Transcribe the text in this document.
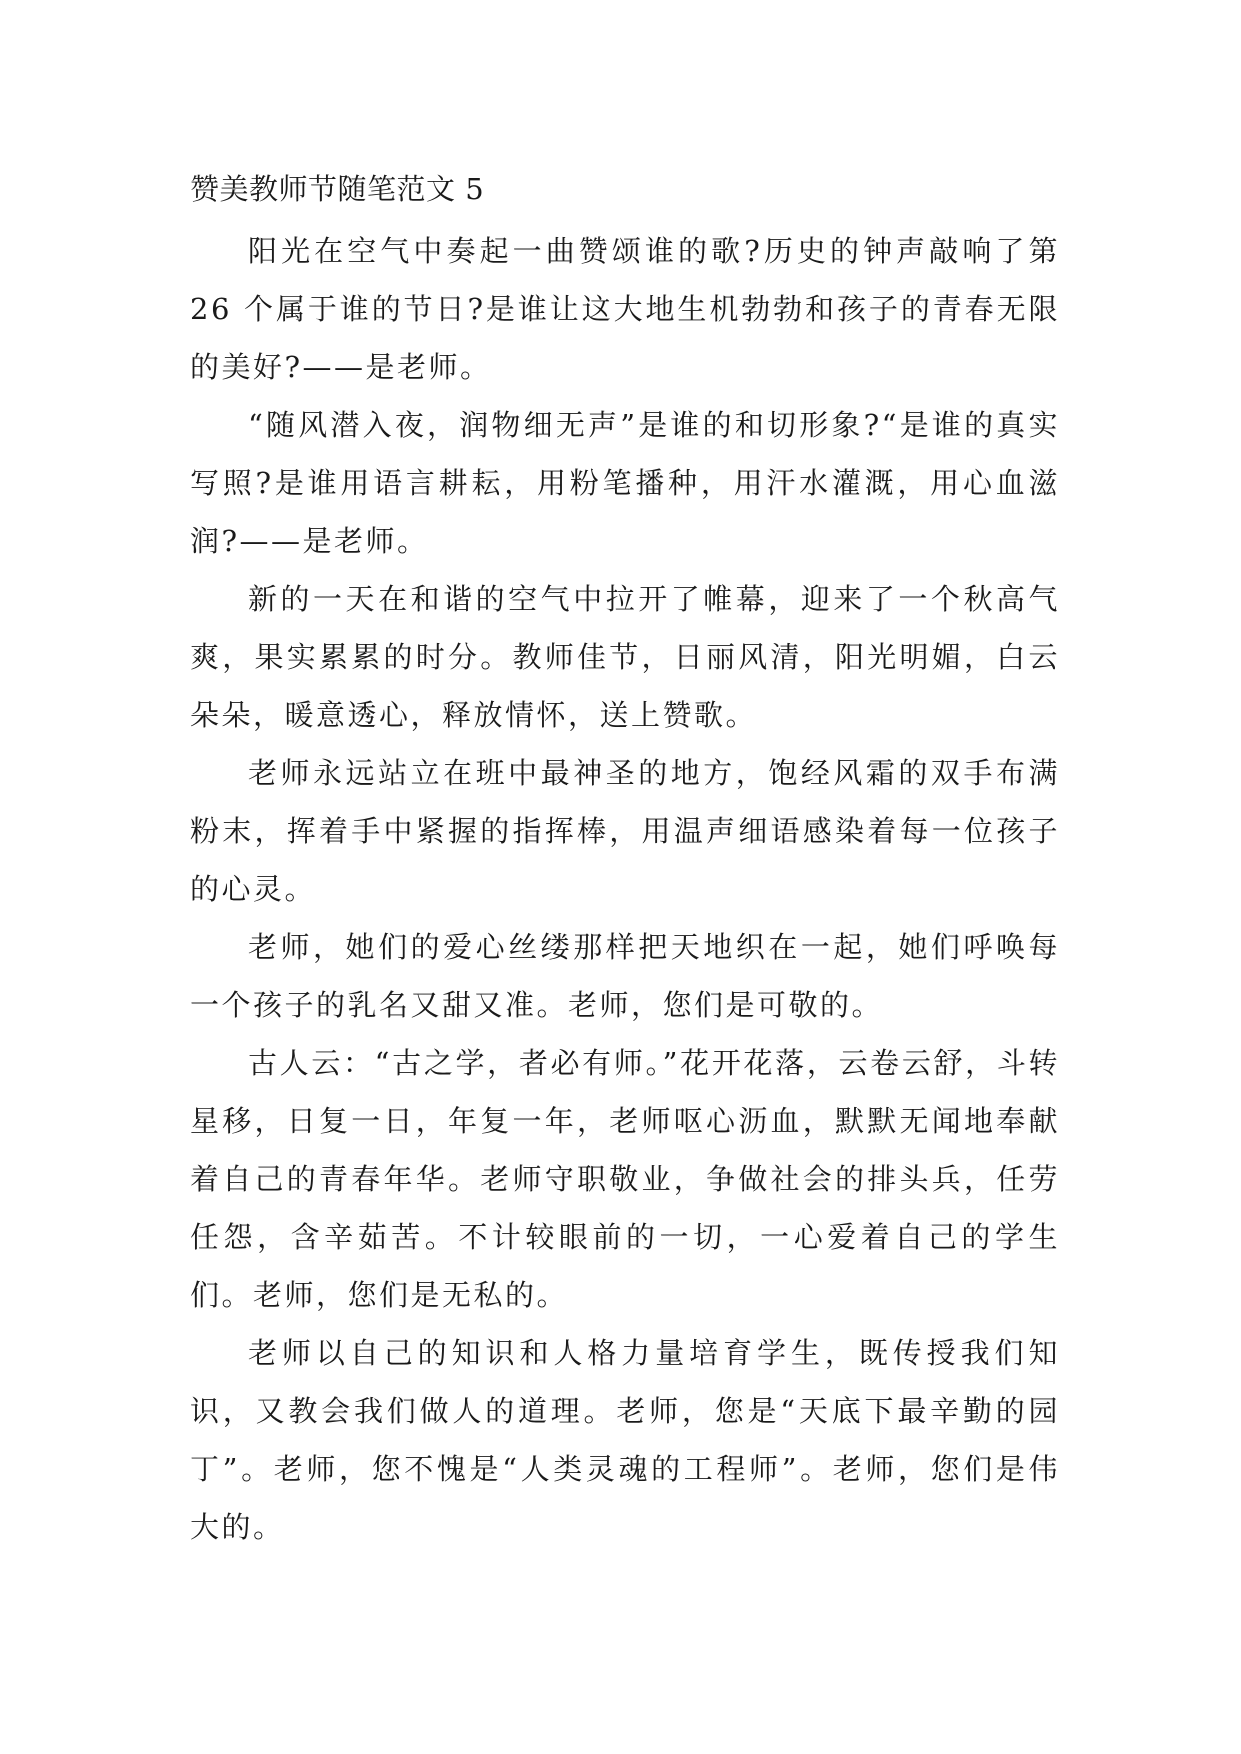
赞美教师节随笔范文 5

阳光在空气中奏起一曲赞颂谁的歌?历史的钟声敲响了第 26 个属于谁的节日?是谁让这大地生机勃勃和孩子的青春无限的美好?——是老师。

“随风潜入夜，润物细无声”是谁的和切形象?“是谁的真实写照?是谁用语言耕耘，用粉笔播种，用汗水灌溉，用心血滋润?——是老师。

新的一天在和谐的空气中拉开了帷幕，迎来了一个秋高气爽，果实累累的时分。教师佳节，日丽风清，阳光明媚，白云朵朵，暖意透心，释放情怀，送上赞歌。

老师永远站立在班中最神圣的地方，饱经风霜的双手布满粉末，挥着手中紧握的指挥棒，用温声细语感染着每一位孩子的心灵。

老师，她们的爱心丝缕那样把天地织在一起，她们呼唤每一个孩子的乳名又甜又准。老师，您们是可敬的。

古人云：“古之学，者必有师。”花开花落，云卷云舒，斗转星移，日复一日，年复一年，老师呕心沥血，默默无闻地奉献着自己的青春年华。老师守职敬业，争做社会的排头兵，任劳任怨，含辛茹苦。不计较眼前的一切，一心爱着自己的学生们。老师，您们是无私的。

老师以自己的知识和人格力量培育学生，既传授我们知识，又教会我们做人的道理。老师，您是“天底下最辛勤的园丁”。老师，您不愧是“人类灵魂的工程师”。老师，您们是伟大的。
